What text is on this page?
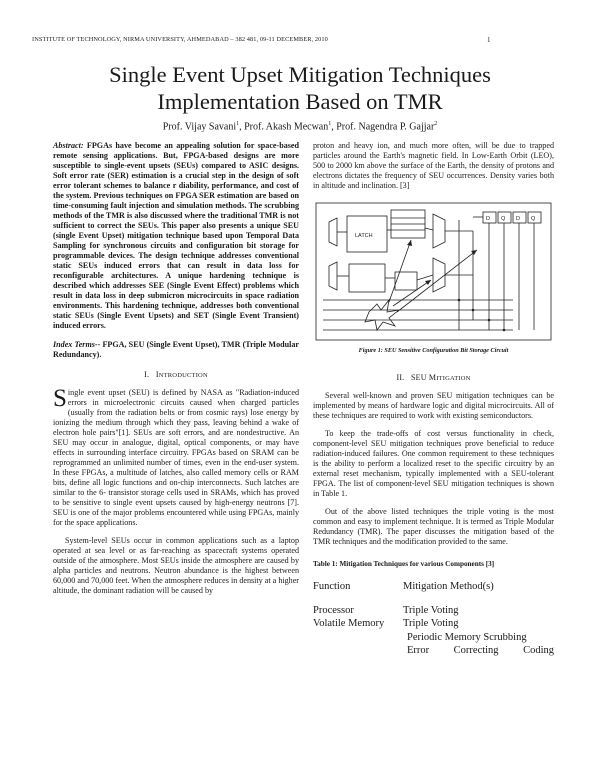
INSTITUTE OF TECHNOLOGY, NIRMA UNIVERSITY, AHMEDABAD – 382 481, 09-11 DECEMBER, 2010	1
Single Event Upset Mitigation Techniques
Implementation Based on TMR
Prof. Vijay Savani$^1$, Prof. Akash Mecwan$^1$, Prof. Nagendra P. Gajjar$^2$

Abstract: FPGAs have become an appealing solution for space-based remote sensing applications. But, FPGA-based designs are more susceptible to single-event upsets (SEUs) compared to ASIC designs. Soft error rate (SER) estimation is a crucial step in the design of soft error tolerant schemes to balance r diability, performance, and cost of the system. Previous techniques on FPGA SER estimation are based on time-consuming fault injection and simulation methods. The scrubbing methods of the TMR is also discussed where the traditional TMR is not sufficient to correct the SEUs. This paper also presents a unique SEU (single Event Upset) mitigation technique based upon Temporal Data Sampling for synchronous circuits and configuration bit storage for programmable devices. The design technique addresses conventional static SEUs induced errors that can result in data loss for reconfigurable architectures. A unique hardening technique is described which addresses SEE (Single Event Effect) problems which result in data loss in deep submicron microcircuits in space radiation environments. This hardening technique, addresses both conventional static SEUs (Single Event Upsets) and SET (Single Event Transient) induced errors.

Index Terms-- FPGA, SEU (Single Event Upset), TMR (Triple Modular Redundancy).

I. INTRODUCTION

Single event upset (SEU) is defined by NASA as "Radiation-induced errors in microelectronic circuits caused when charged particles (usually from the radiation belts or from cosmic rays) lose energy by ionizing the medium through which they pass, leaving behind a wake of electron hole pairs"[1]. SEUs are soft errors, and are nondestructive. An SEU may occur in analogue, digital, optical components, or may have effects in surrounding interface circuitry. FPGAs based on SRAM can be reprogrammed an unlimited number of times, even in the end-user system. In these FPGAs, a multitude of latches, also called memory cells or RAM bits, define all logic functions and on-chip interconnects. Such latches are similar to the 6- transistor storage cells used in SRAMs, which has proved to be sensitive to single event upsets caused by high-energy neutrons [7]. SEU is one of the major problems encountered while using FPGAs, mainly for the space applications.

System-level SEUs occur in common applications such as a laptop operated at sea level or as far-reaching as spacecraft systems operated outside of the atmosphere. Most SEUs inside the atmosphere are caused by alpha particles and neutrons. Neutron abundance is the highest between 60,000 and 70,000 feet. When the atmosphere reduces in density at a higher altitude, the dominant radiation will be caused by

proton and heavy ion, and much more often, will be due to trapped particles around the Earth's magnetic field. In Low-Earth Orbit (LEO), 500 to 2000 km above the surface of the Earth, the density of protons and electrons dictates the frequency of SEU occurrences. Density varies both in altitude and inclination. [3]

LATCH
D Q D Q
Figure 1: SEU Sensitive Configuration Bit Storage Circuit
II. SEU MITIGATION

Several well-known and proven SEU mitigation techniques can be implemented by means of hardware logic and digital microcircuits. All of these techniques are required to work with existing semiconductors.

To keep the trade-offs of cost versus functionality in check, component-level SEU mitigation techniques prove beneficial to reduce radiation-induced failures. One common requirement to these techniques is the ability to perform a localized reset to the specific circuitry by an external reset mechanism, typically implemented with a SEU-tolerant FPGA. The list of component-level SEU mitigation techniques is shown in Table 1.

Out of the above listed techniques the triple voting is the most common and easy to implement technique. It is termed as Triple Modular Redundancy (TMR). The paper discusses the mitigation based of the TMR techniques and the modification provided to the same.

Table 1: Mitigation Techniques for various Components [3]
Function	Mitigation Method(s)
Processor	Triple Voting
Volatile Memory	Triple Voting
Periodic Memory Scrubbing
Error Correcting Coding
